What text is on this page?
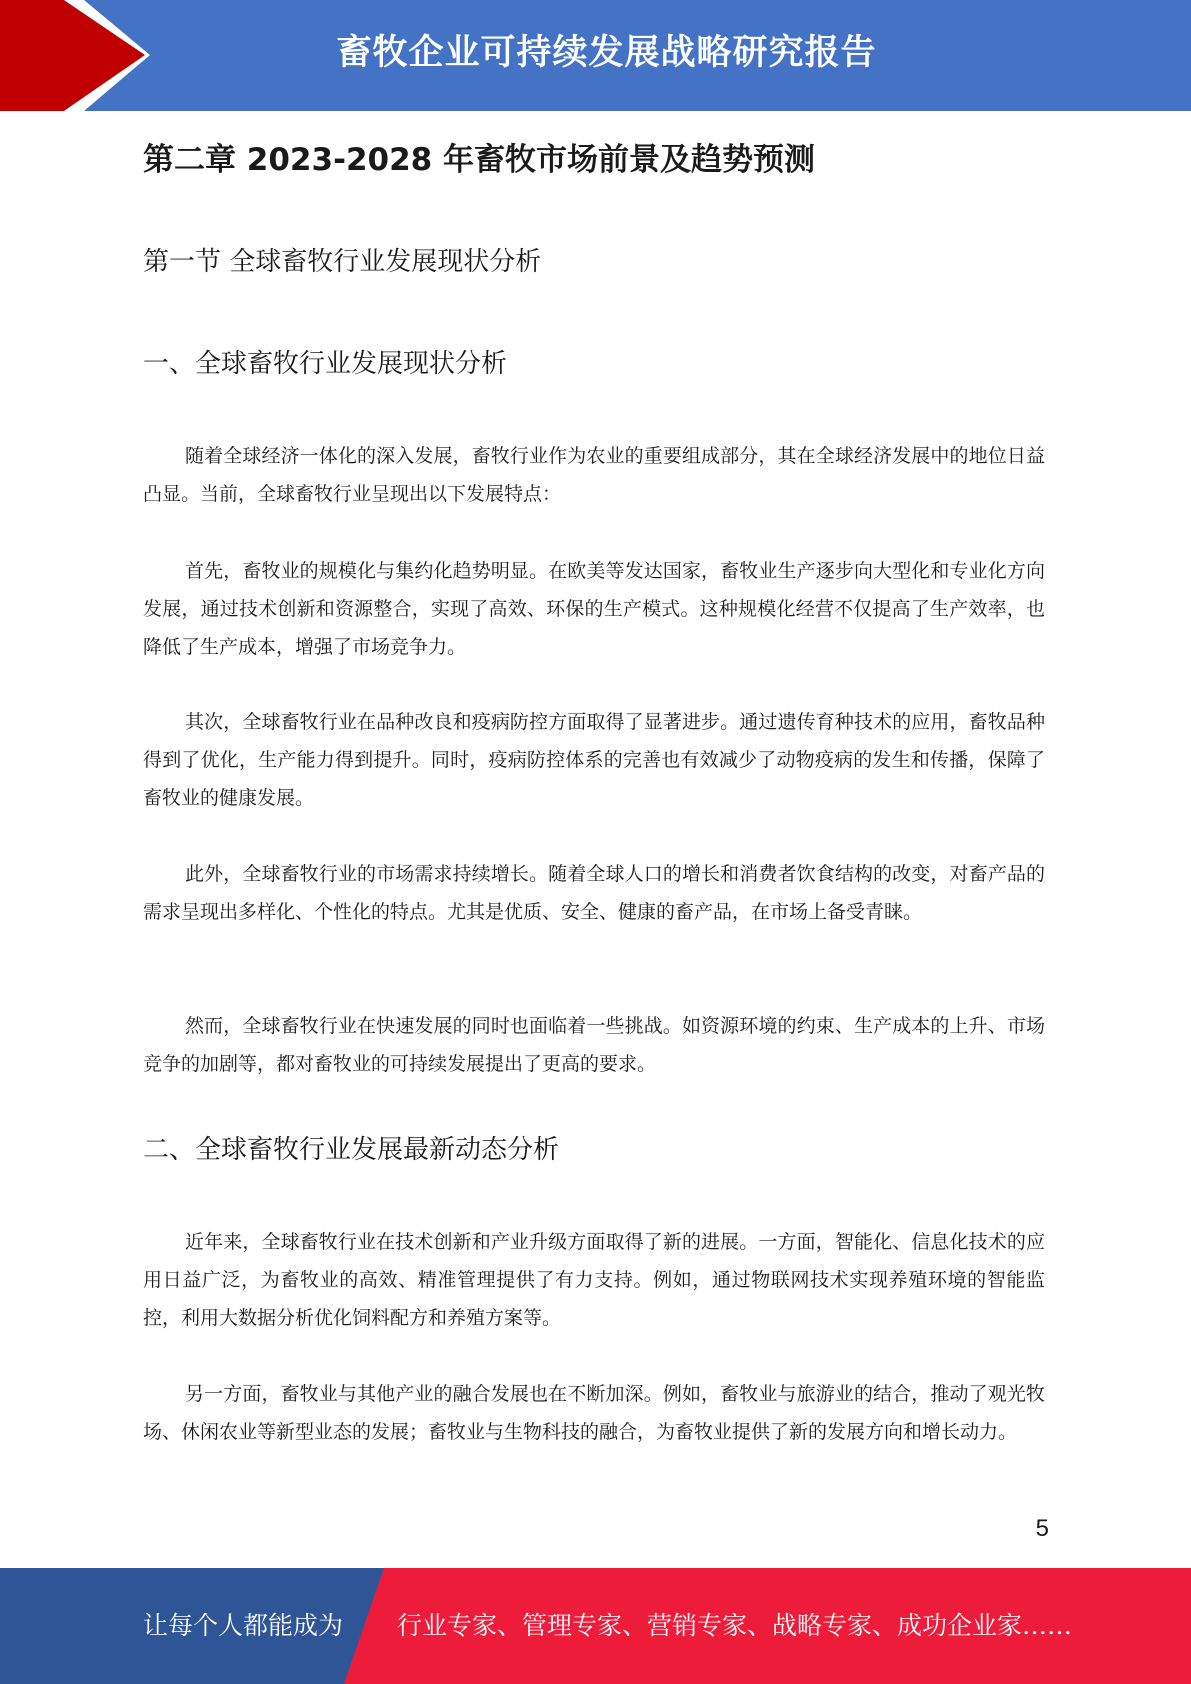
畜牧企业可持续发展战略研究报告
第二章 2023-2028 年畜牧市场前景及趋势预测
第一节 全球畜牧行业发展现状分析
一、全球畜牧行业发展现状分析

随着全球经济一体化的深入发展，畜牧行业作为农业的重要组成部分，其在全球经济发展中的地位日益凸显。当前，全球畜牧行业呈现出以下发展特点：

首先，畜牧业的规模化与集约化趋势明显。在欧美等发达国家，畜牧业生产逐步向大型化和专业化方向发展，通过技术创新和资源整合，实现了高效、环保的生产模式。这种规模化经营不仅提高了生产效率，也降低了生产成本，增强了市场竞争力。

其次，全球畜牧行业在品种改良和疫病防控方面取得了显著进步。通过遗传育种技术的应用，畜牧品种得到了优化，生产能力得到提升。同时，疫病防控体系的完善也有效减少了动物疫病的发生和传播，保障了畜牧业的健康发展。

此外，全球畜牧行业的市场需求持续增长。随着全球人口的增长和消费者饮食结构的改变，对畜产品的需求呈现出多样化、个性化的特点。尤其是优质、安全、健康的畜产品，在市场上备受青睐。

然而，全球畜牧行业在快速发展的同时也面临着一些挑战。如资源环境的约束、生产成本的上升、市场竞争的加剧等，都对畜牧业的可持续发展提出了更高的要求。

二、全球畜牧行业发展最新动态分析

近年来，全球畜牧行业在技术创新和产业升级方面取得了新的进展。一方面，智能化、信息化技术的应用日益广泛，为畜牧业的高效、精准管理提供了有力支持。例如，通过物联网技术实现养殖环境的智能监控，利用大数据分析优化饲料配方和养殖方案等。

另一方面，畜牧业与其他产业的融合发展也在不断加深。例如，畜牧业与旅游业的结合，推动了观光牧场、休闲农业等新型业态的发展；畜牧业与生物科技的融合，为畜牧业提供了新的发展方向和增长动力。

5
让每个人都能成为 行业专家、管理专家、营销专家、战略专家、成功企业家……
